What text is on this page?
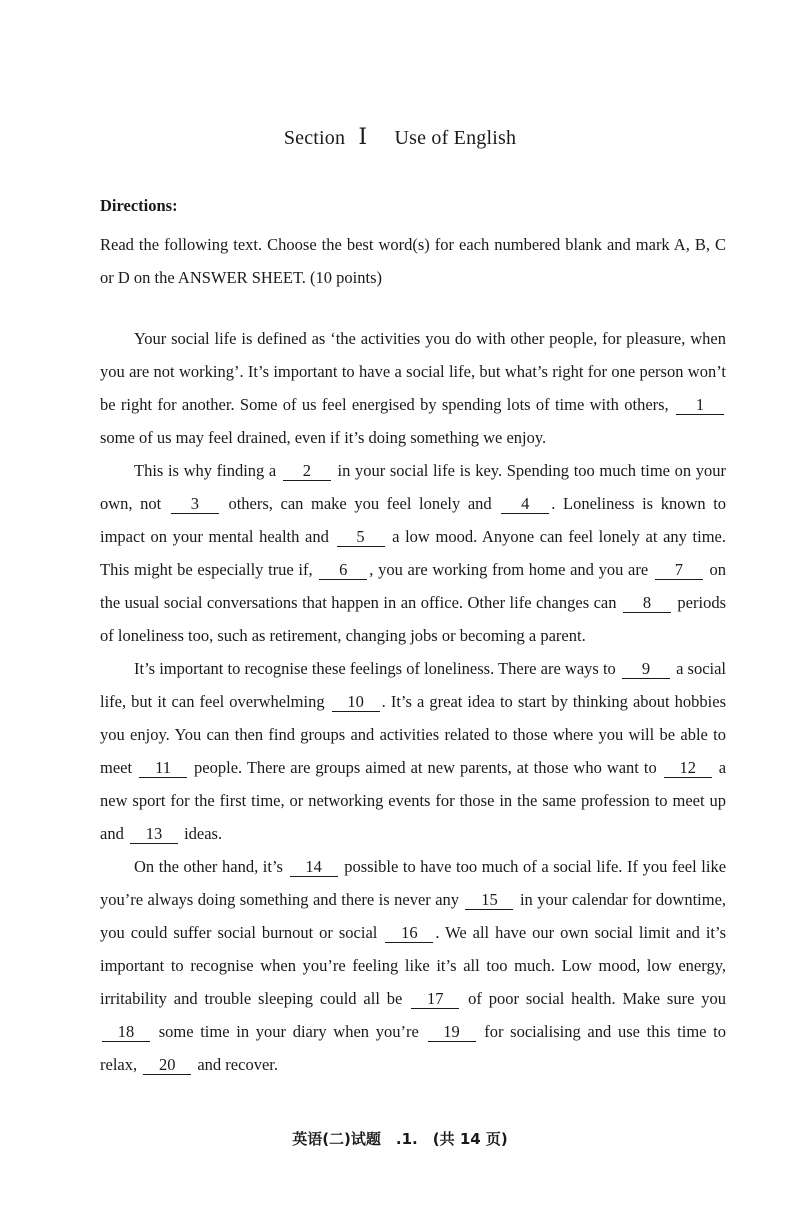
Section Ⅰ Use of English
Directions:
Read the following text. Choose the best word(s) for each numbered blank and mark A, B, C or D on the ANSWER SHEET. (10 points)

Your social life is defined as ‘the activities you do with other people, for pleasure, when you are not working’. It’s important to have a social life, but what’s right for one person won’t be right for another. Some of us feel energised by spending lots of time with others, 1 some of us may feel drained, even if it’s doing something we enjoy.

This is why finding a 2 in your social life is key. Spending too much time on your own, not 3 others, can make you feel lonely and 4 . Loneliness is known to impact on your mental health and 5 a low mood. Anyone can feel lonely at any time. This might be especially true if, 6 , you are working from home and you are 7 on the usual social conversations that happen in an office. Other life changes can 8 periods of loneliness too, such as retirement, changing jobs or becoming a parent.

It’s important to recognise these feelings of loneliness. There are ways to 9 a social life, but it can feel overwhelming 10 . It’s a great idea to start by thinking about hobbies you enjoy. You can then find groups and activities related to those where you will be able to meet 11 people. There are groups aimed at new parents, at those who want to 12 a new sport for the first time, or networking events for those in the same profession to meet up and 13 ideas.

On the other hand, it’s 14 possible to have too much of a social life. If you feel like you’re always doing something and there is never any 15 in your calendar for downtime, you could suffer social burnout or social 16 . We all have our own social limit and it’s important to recognise when you’re feeling like it’s all too much. Low mood, low energy, irritability and trouble sleeping could all be 17 of poor social health. Make sure you 18 some time in your diary when you’re 19 for socialising and use this time to relax, 20 and recover.

英语(二)试题　.1.　(共 14 页)
